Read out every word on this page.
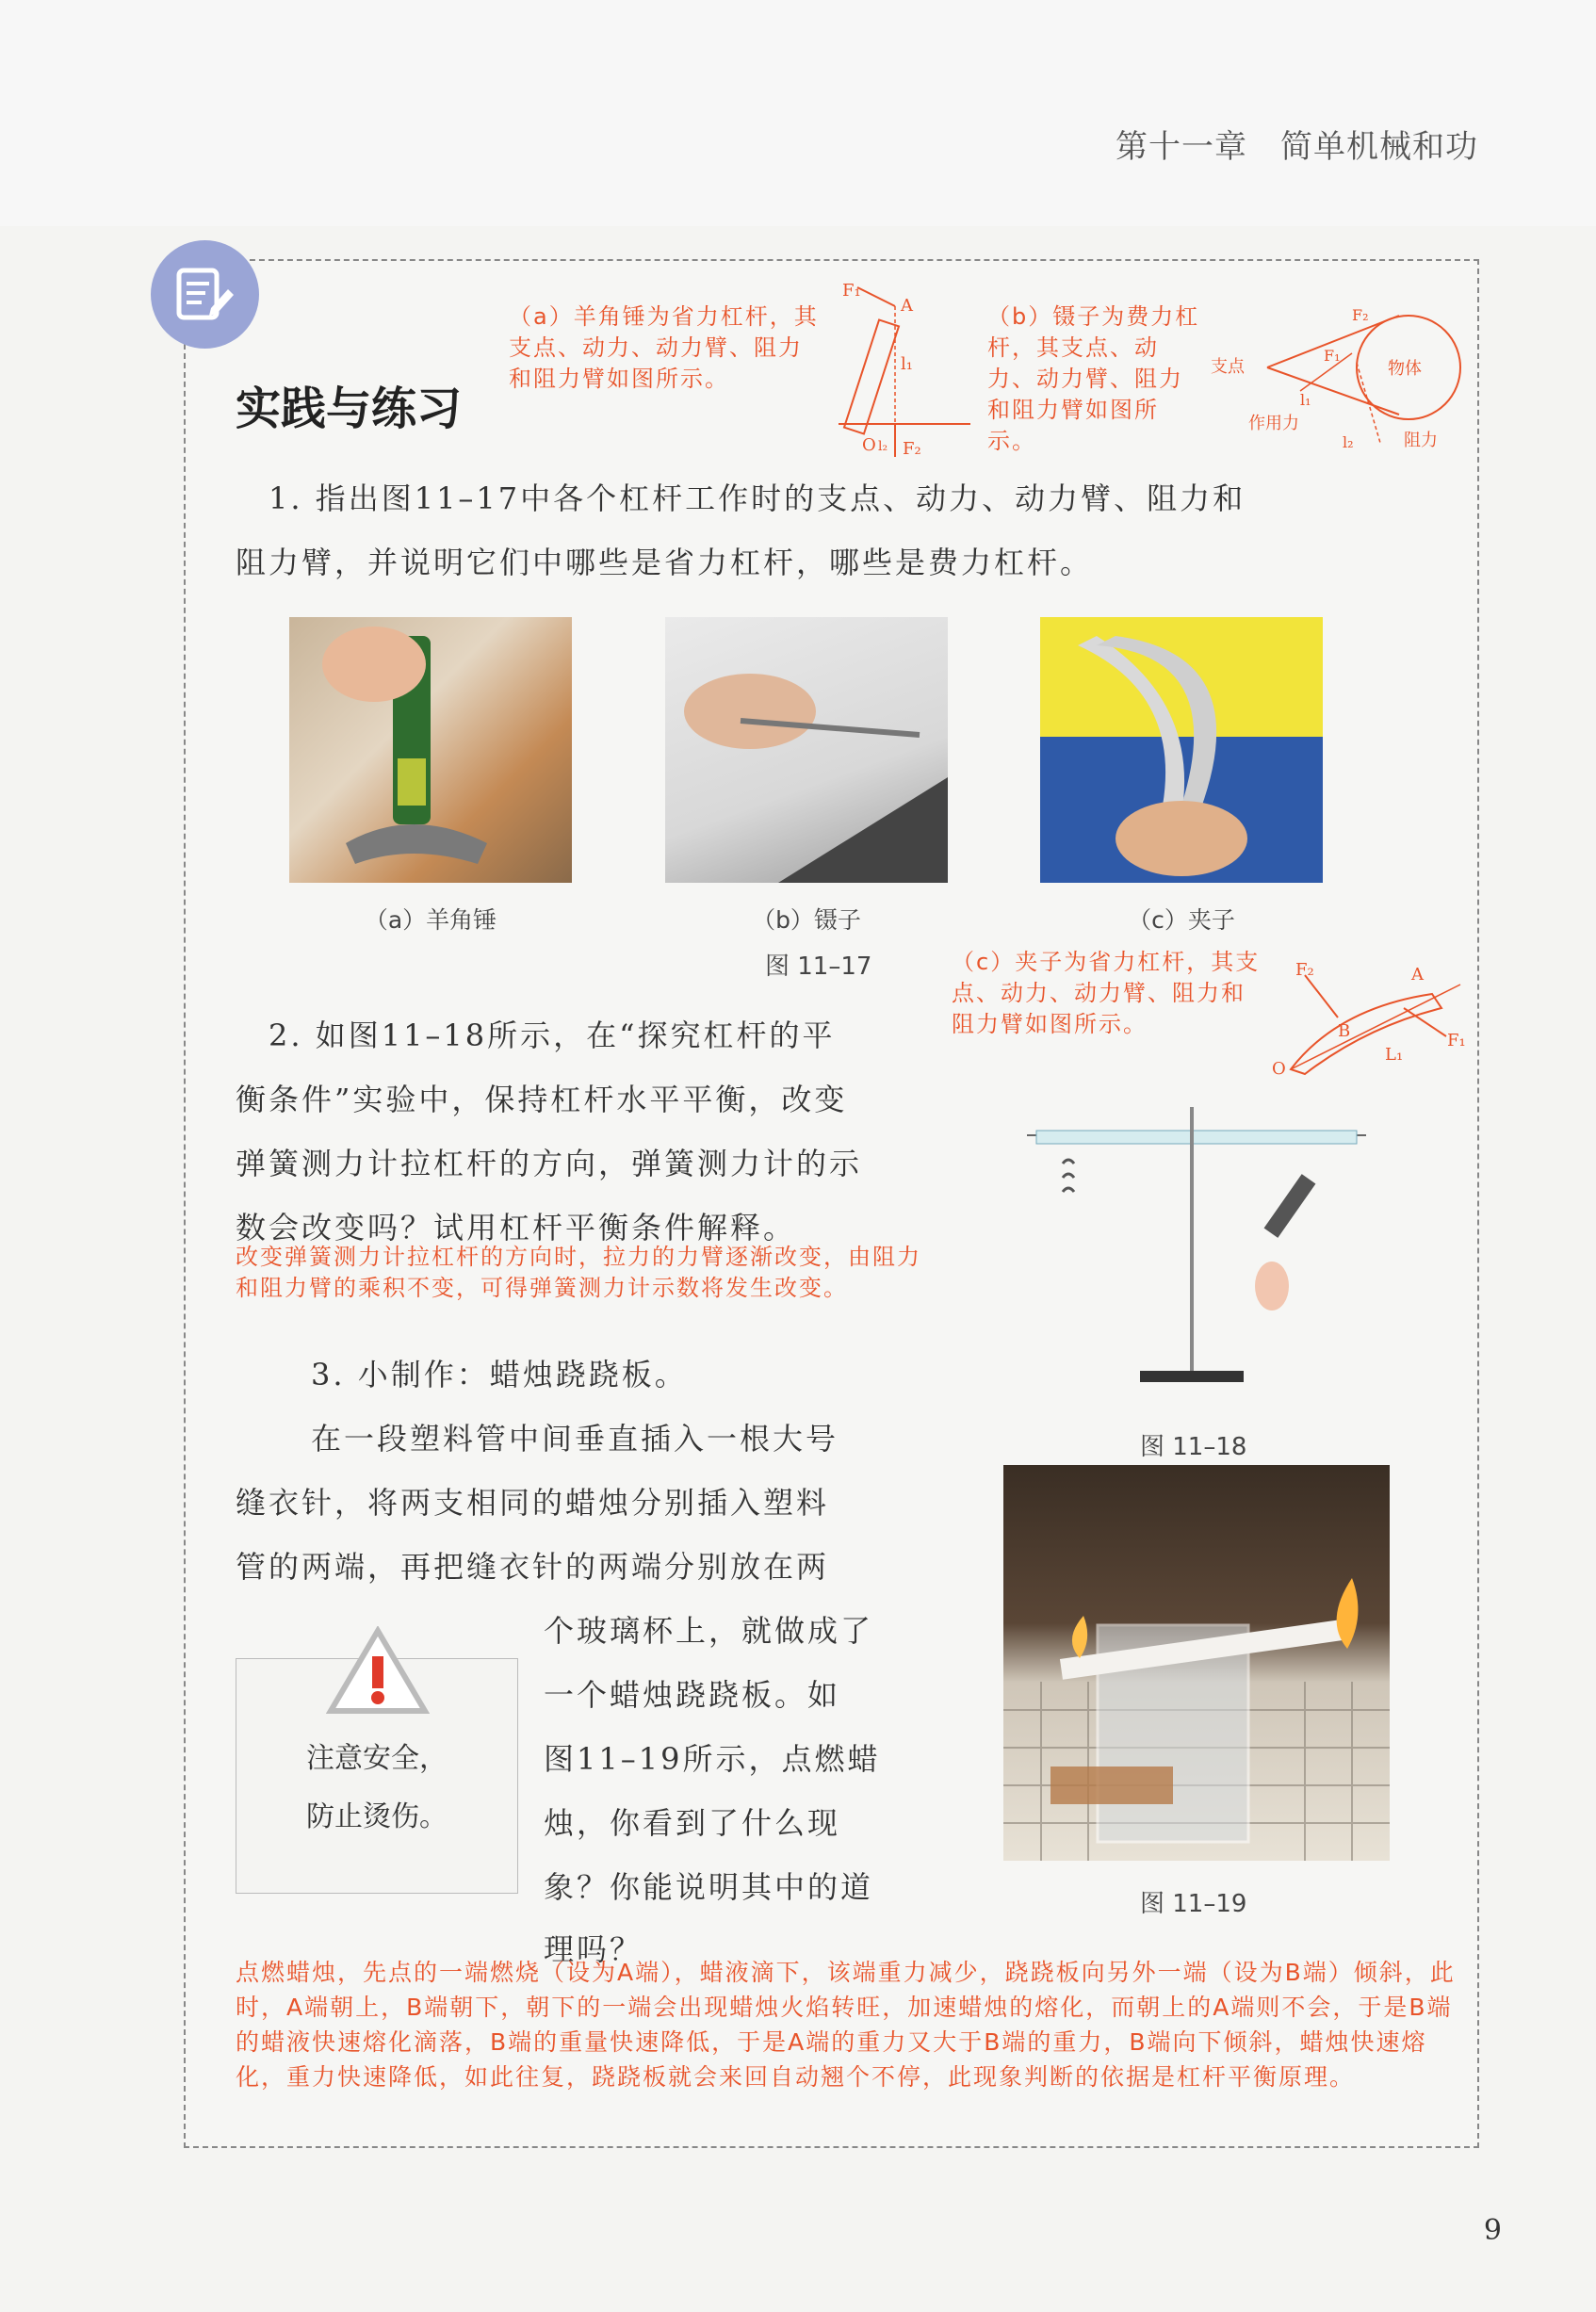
第十一章　简单机械和功
实践与练习
（a）羊角锤为省力杠杆，其支点、动力、动力臂、阻力和阻力臂如图所示。
F₁
A
l₁
O l₂ F₂
（b）镊子为费力杠杆，其支点、动力、动力臂、阻力和阻力臂如图所示。
支点	物体
F₂
F₁
l₁
l₂
作用力
阻力
1. 指出图11–17中各个杠杆工作时的支点、动力、动力臂、阻力和
阻力臂，并说明它们中哪些是省力杠杆，哪些是费力杠杆。
（a）羊角锤	（b）镊子	（c）夹子
图 11–17	（c）夹子为省力杠杆，其支点、动力、动力臂、阻力和阻力臂如图所示。
F₂	A
B	F₁
L₁
O
2. 如图11–18所示，在“探究杠杆的平
衡条件”实验中，保持杠杆水平平衡，改变
弹簧测力计拉杠杆的方向，弹簧测力计的示
数会改变吗？试用杠杆平衡条件解释。
改变弹簧测力计拉杠杆的方向时，拉力的力臂逐渐改变，由阻力和阻力臂的乘积不变，可得弹簧测力计示数将发生改变。
图 11–18
3. 小制作：蜡烛跷跷板。
在一段塑料管中间垂直插入一根大号
缝衣针，将两支相同的蜡烛分别插入塑料
管的两端，再把缝衣针的两端分别放在两
个玻璃杯上，就做成了
一个蜡烛跷跷板。如
图11–19所示，点燃蜡
烛，你看到了什么现
象？你能说明其中的道
理吗？
注意安全，
防止烫伤。
图 11–19
点燃蜡烛，先点的一端燃烧（设为A端），蜡液滴下，该端重力减少，跷跷板向另外一端（设为B端）倾斜，此时，A端朝上，B端朝下，朝下的一端会出现蜡烛火焰转旺，加速蜡烛的熔化，而朝上的A端则不会，于是B端的蜡液快速熔化滴落，B端的重量快速降低，于是A端的重力又大于B端的重力，B端向下倾斜，蜡烛快速熔化，重力快速降低，如此往复，跷跷板就会来回自动翘个不停，此现象判断的依据是杠杆平衡原理。
9
